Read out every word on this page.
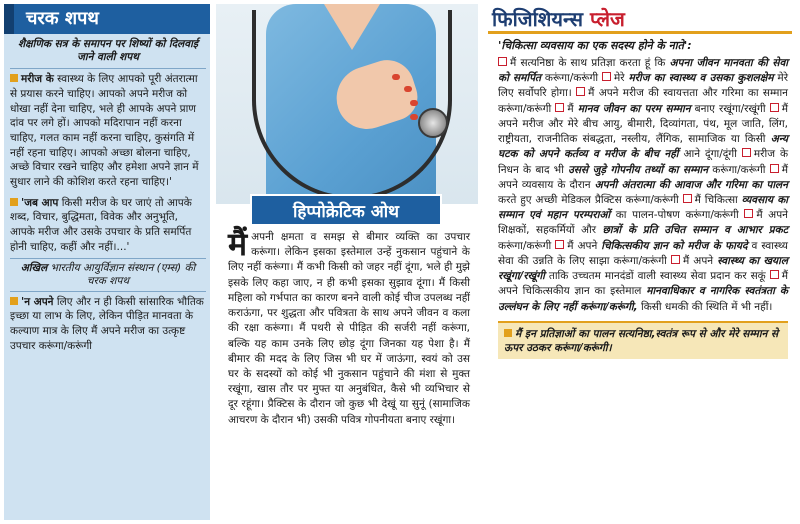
चरक शपथ
शैक्षणिक सत्र के समापन पर शिष्यों को दिलवाई जाने वाली शपथ
मरीज के स्वास्थ्य के लिए आपको पूरी अंतरात्मा से प्रयास करने चाहिए। आपको अपने मरीज को धोखा नहीं देना चाहिए, भले ही आपके अपने प्राण दांव पर लगे हों। आपको मदिरापान नहीं करना चाहिए, गलत काम नहीं करना चाहिए, कुसंगति में नहीं रहना चाहिए। आपको अच्छा बोलना चाहिए, अच्छे विचार रखने चाहिए और हमेशा अपने ज्ञान में सुधार लाने की कोशिश करते रहना चाहिए।'
'जब आप किसी मरीज के घर जाएं तो आपके शब्द, विचार, बुद्धिमता, विवेक और अनुभूति, आपके मरीज और उसके उपचार के प्रति समर्पित होनी चाहिए, कहीं और नहीं।...'
अखिल भारतीय आयुर्विज्ञान संस्थान (एम्स) की चरक शपथ
'न अपने लिए और न ही किसी सांसारिक भौतिक इच्छा या लाभ के लिए, लेकिन पीड़ित मानवता के कल्याण मात्र के लिए मैं अपने मरीज का उत्कृष्ट उपचार करूंगा/करूंगी
हिप्पोक्रेटिक ओथ
मैं अपनी क्षमता व समझ से बीमार व्यक्ति का उपचार करूंगा। लेकिन इसका इस्तेमाल उन्हें नुकसान पहुंचाने के लिए नहीं करूंगा। मैं कभी किसी को जहर नहीं दूंगा, भले ही मुझे इसके लिए कहा जाए, न ही कभी इसका सुझाव दूंगा। मैं किसी महिला को गर्भपात का कारण बनने वाली कोई चीज उपलब्ध नहीं कराऊंगा, पर शुद्धता और पवित्रता के साथ अपने जीवन व कला की रक्षा करूंगा। मैं पथरी से पीड़ित की सर्जरी नहीं करूंगा, बल्कि यह काम उनके लिए छोड़ दूंगा जिनका यह पेशा है। मैं बीमार की मदद के लिए जिस भी घर में जाऊंगा, स्वयं को उस घर के सदस्यों को कोई भी नुकसान पहुंचाने की मंशा से मुक्त रखूंगा, खास तौर पर मुफ्त या अनुबंधित, कैसे भी व्यभिचार से दूर रहूंगा। प्रैक्टिस के दौरान जो कुछ भी देखूं या सुनूं (सामाजिक आचरण के दौरान भी) उसकी पवित्र गोपनीयता बनाए रखूंगा।
फिजिशियन्स प्लेज
'चिकित्सा व्यवसाय का एक सदस्य होने के नाते':
मैं सत्यनिष्ठा के साथ प्रतिज्ञा करता हूं कि अपना जीवन मानवता की सेवा को समर्पित करूंगा/करूंगी मेरे मरीज का स्वास्थ्य व उसका कुशलक्षेम मेरे लिए सर्वोपरि होगा। मैं अपने मरीज की स्वायत्तता और गरिमा का सम्मान करूंगा/करूंगी मैं मानव जीवन का परम सम्मान बनाए रखूंगा/रखूंगी मैं अपने मरीज और मेरे बीच आयु, बीमारी, दिव्यांगता, पंथ, मूल जाति, लिंग, राष्ट्रीयता, राजनीतिक संबद्धता, नस्लीय, लैंगिक, सामाजिक या किसी अन्य घटक को अपने कर्तव्य व मरीज के बीच नहीं आने दूंगा/दूंगी मरीज के निधन के बाद भी उससे जुड़े गोपनीय तथ्यों का सम्मान करूंगा/करूंगी मैं अपने व्यवसाय के दौरान अपनी अंतरात्मा की आवाज और गरिमा का पालन करते हुए अच्छी मेडिकल प्रैक्टिस करूंगा/करूंगी मैं चिकित्सा व्यवसाय का सम्मान एवं महान परम्पराओं का पालन-पोषण करूंगा/करूंगी मैं अपने शिक्षकों, सहकर्मियों और छात्रों के प्रति उचित सम्मान व आभार प्रकट करूंगा/करूंगी मैं अपने चिकित्सकीय ज्ञान को मरीज के फायदे व स्वास्थ्य सेवा की उन्नति के लिए साझा करूंगा/करूंगी मैं अपने स्वास्थ्य का खयाल रखूंगा/रखूंगी ताकि उच्चतम मानदंडों वाली स्वास्थ्य सेवा प्रदान कर सकूं मैं अपने चिकित्सकीय ज्ञान का इस्तेमाल मानवाधिकार व नागरिक स्वतंत्रता के उल्लंघन के लिए नहीं करूंगा/करूंगी, किसी धमकी की स्थिति में भी नहीं।
मैं इन प्रतिज्ञाओं का पालन सत्यनिष्ठा,स्वतंत्र रूप से और मेरे सम्मान से ऊपर उठकर करूंगा/करूंगी।
